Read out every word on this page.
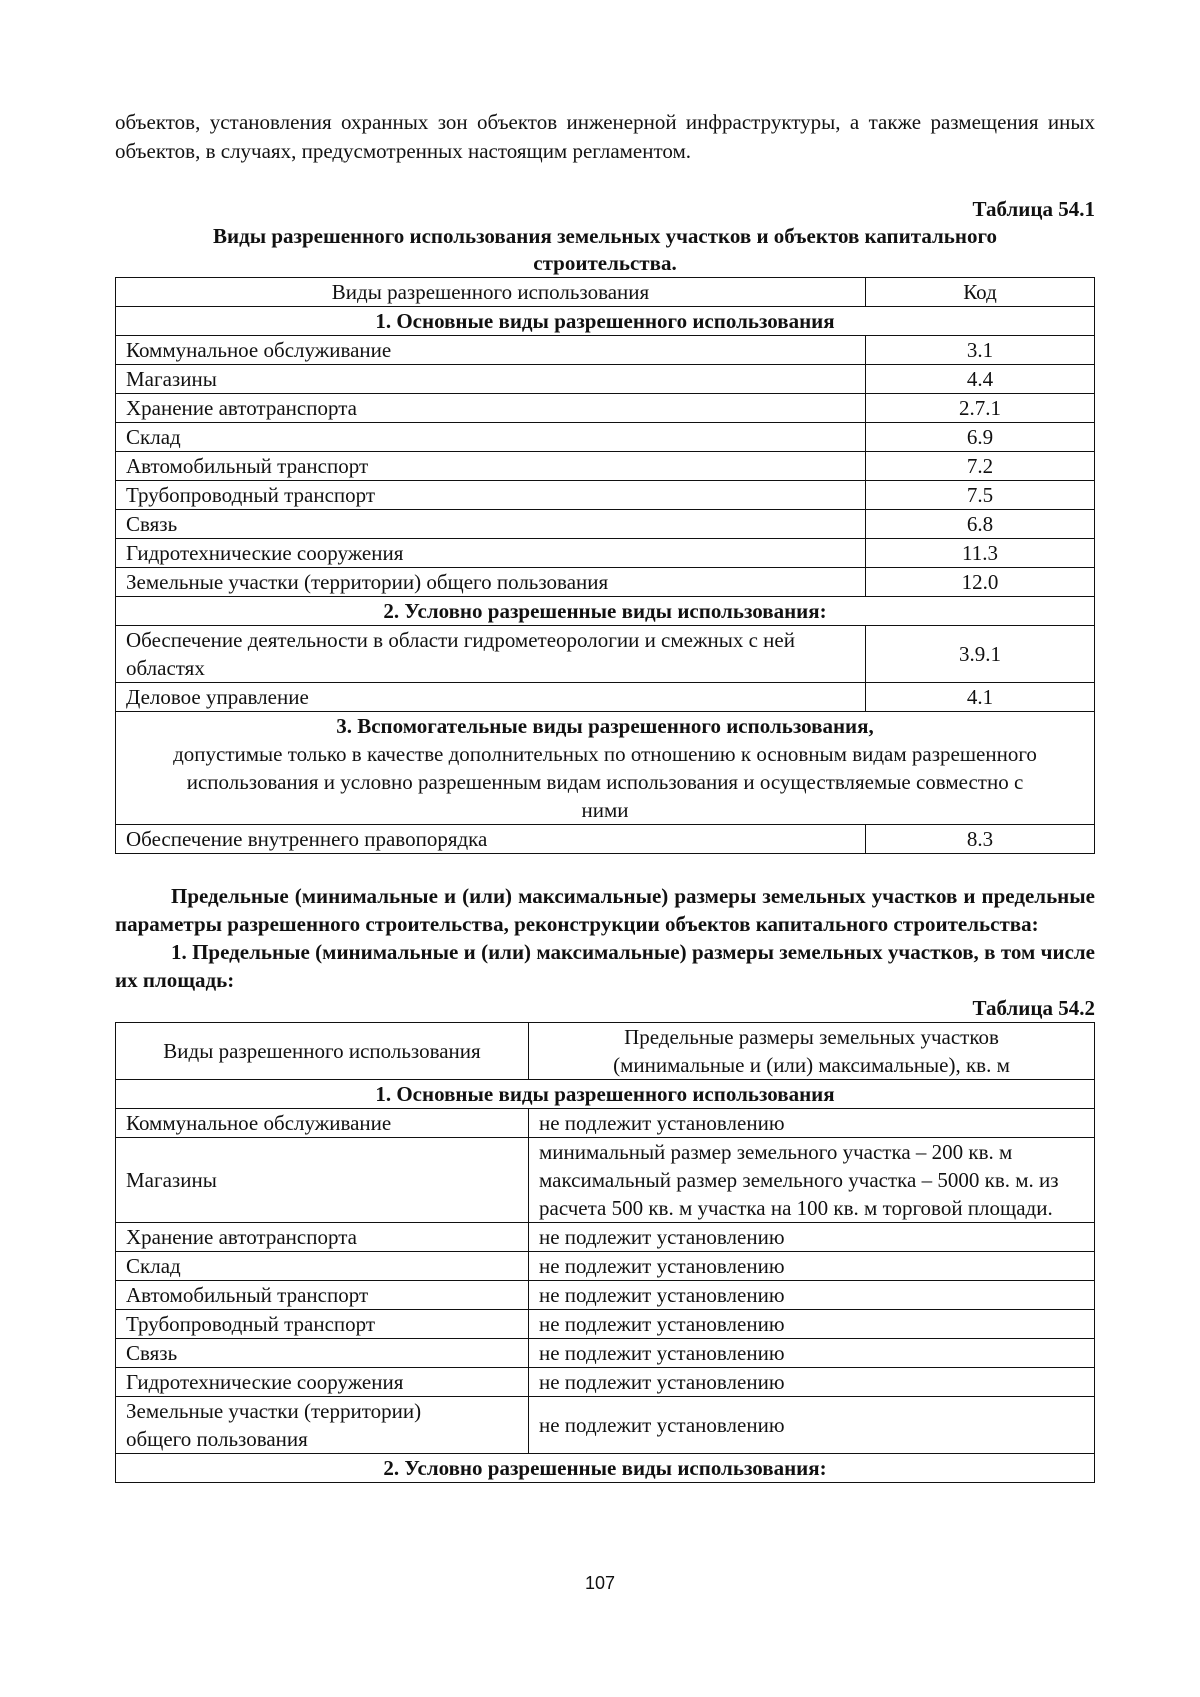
объектов, установления охранных зон объектов инженерной инфраструктуры, а также размещения иных объектов, в случаях, предусмотренных настоящим регламентом.

Таблица 54.1
Виды разрешенного использования земельных участков и объектов капитального строительства.
Виды разрешенного использования	Код
1. Основные виды разрешенного использования	
Коммунальное обслуживание	3.1
Магазины	4.4
Хранение автотранспорта	2.7.1
Склад	6.9
Автомобильный транспорт	7.2
Трубопроводный транспорт	7.5
Связь	6.8
Гидротехнические сооружения	11.3
Земельные участки (территории) общего пользования	12.0
2. Условно разрешенные виды использования:	
Обеспечение деятельности в области гидрометеорологии и смежных с ней областях	3.9.1
Деловое управление	4.1

3. Вспомогательные виды разрешенного использования,
допустимые только в качестве дополнительных по отношению к основным видам разрешенного использования и условно разрешенным видам использования и осуществляемые совместно с ними	

Обеспечение внутреннего правопорядка	8.3

Предельные (минимальные и (или) максимальные) размеры земельных участков и предельные параметры разрешенного строительства, реконструкции объектов капитального строительства:

1. Предельные (минимальные и (или) максимальные) размеры земельных участков, в том числе их площадь:

Таблица 54.2
Виды разрешенного использования	Предельные размеры земельных участков (минимальные и (или) максимальные), кв. м
1. Основные виды разрешенного использования	
Коммунальное обслуживание	не подлежит установлению
Магазины	минимальный размер земельного участка – 200 кв. м максимальный размер земельного участка – 5000 кв. м. из расчета 500 кв. м участка на 100 кв. м торговой площади.
Хранение автотранспорта	не подлежит установлению
Склад	не подлежит установлению
Автомобильный транспорт	не подлежит установлению
Трубопроводный транспорт	не подлежит установлению
Связь	не подлежит установлению
Гидротехнические сооружения	не подлежит установлению
Земельные участки (территории) общего пользования	не подлежит установлению
2. Условно разрешенные виды использования:	
107
